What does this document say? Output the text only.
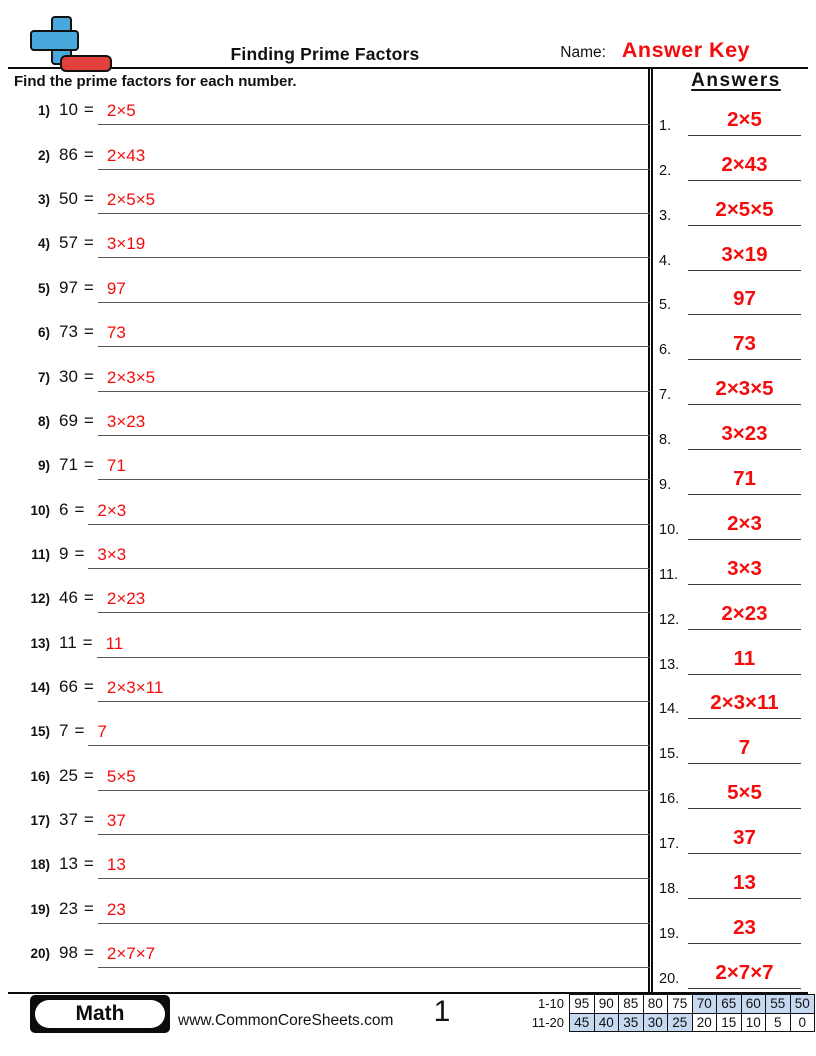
Finding Prime Factors	Name: Answer Key
Find the prime factors for each number.
1) 10 = 2×5
2) 86 = 2×43
3) 50 = 2×5×5
4) 57 = 3×19
5) 97 = 97
6) 73 = 73
7) 30 = 2×3×5
8) 69 = 3×23
9) 71 = 71
10) 6 = 2×3
11) 9 = 3×3
12) 46 = 2×23
13) 11 = 11
14) 66 = 2×3×11
15) 7 = 7
16) 25 = 5×5
17) 37 = 37
18) 13 = 13
19) 23 = 23
20) 98 = 2×7×7
Answers
1.	2×5
2.	2×43
3.	2×5×5
4.	3×19
5.	97
6.	73
7.	2×3×5
8.	3×23
9.	71
10.	2×3
11.	3×3
12.	2×23
13.	11
14.	2×3×11
15.	7
16.	5×5
17.	37
18.	13
19.	23
20.	2×7×7
Math	www.CommonCoreSheets.com	1	1-10	95	90	85	80	75	70	65	60	55	50
11-20	45	40	35	30	25	20	15	10	5	0
